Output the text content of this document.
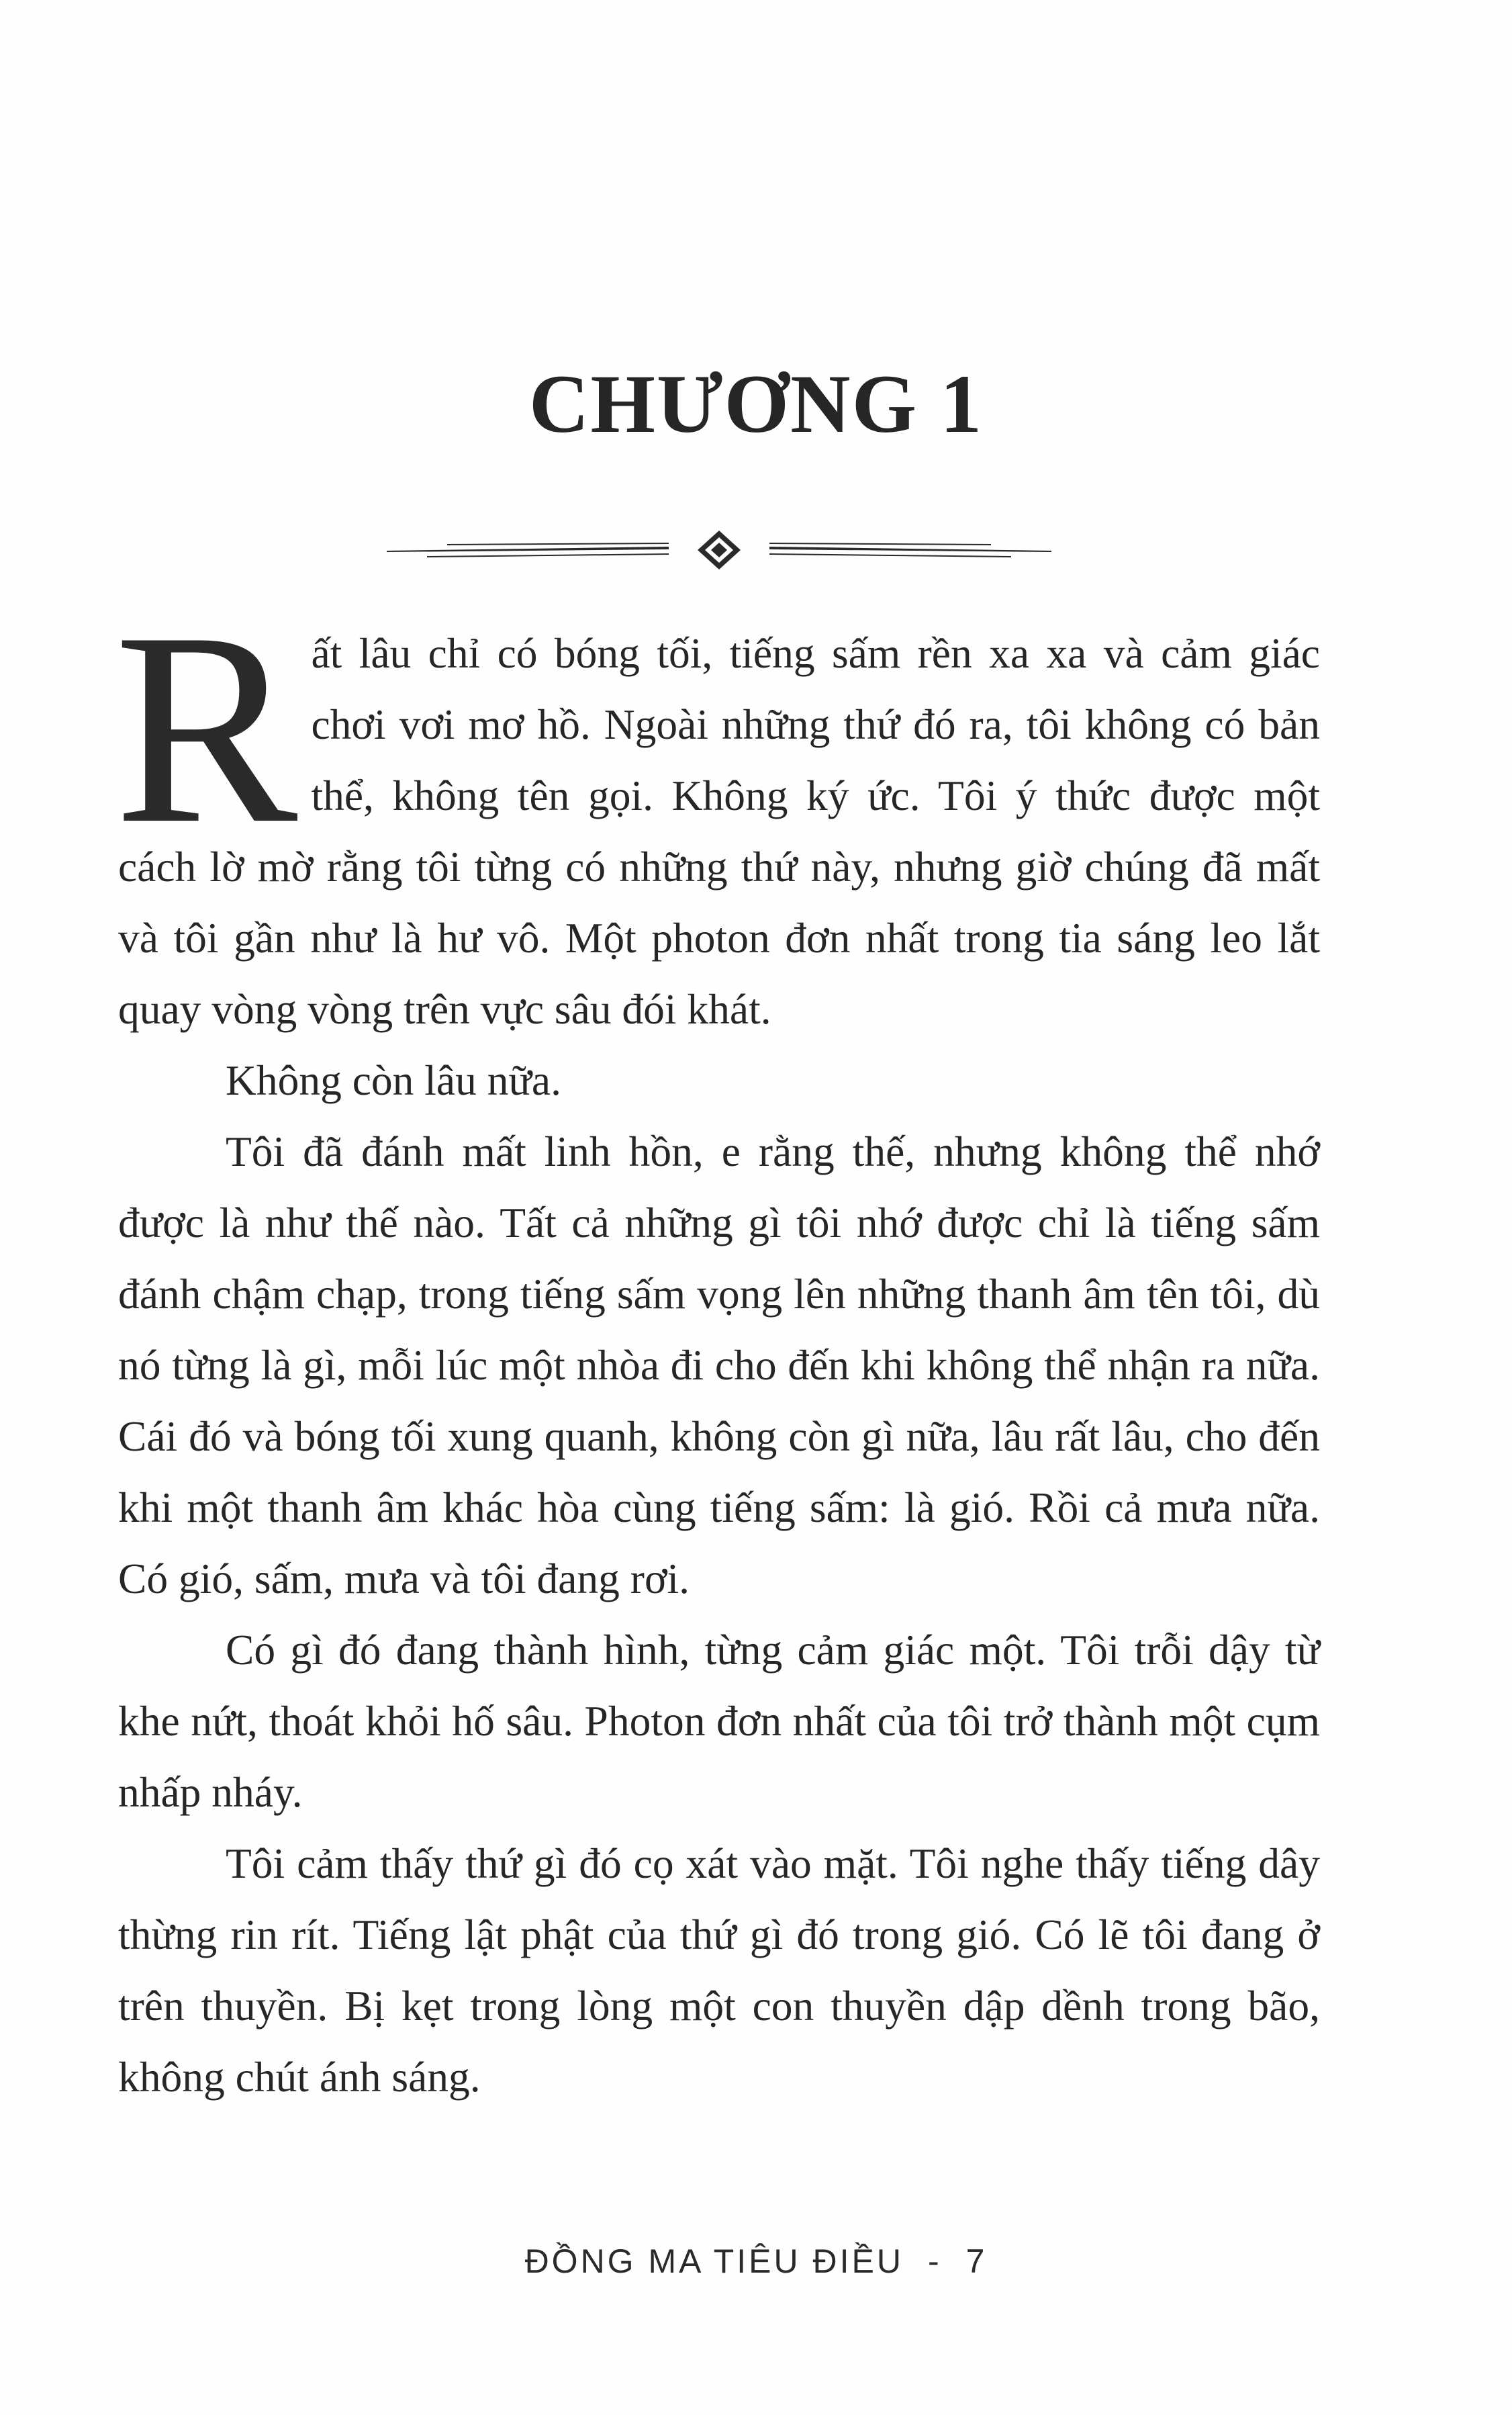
CHƯƠNG 1

Rất lâu chỉ có bóng tối, tiếng sấm rền xa xa và cảm giác chơi vơi mơ hồ. Ngoài những thứ đó ra, tôi không có bản thể, không tên gọi. Không ký ức. Tôi ý thức được một cách lờ mờ rằng tôi từng có những thứ này, nhưng giờ chúng đã mất và tôi gần như là hư vô. Một photon đơn nhất trong tia sáng leo lắt quay vòng vòng trên vực sâu đói khát.

Không còn lâu nữa.

Tôi đã đánh mất linh hồn, e rằng thế, nhưng không thể nhớ được là như thế nào. Tất cả những gì tôi nhớ được chỉ là tiếng sấm đánh chậm chạp, trong tiếng sấm vọng lên những thanh âm tên tôi, dù nó từng là gì, mỗi lúc một nhòa đi cho đến khi không thể nhận ra nữa. Cái đó và bóng tối xung quanh, không còn gì nữa, lâu rất lâu, cho đến khi một thanh âm khác hòa cùng tiếng sấm: là gió. Rồi cả mưa nữa. Có gió, sấm, mưa và tôi đang rơi.

Có gì đó đang thành hình, từng cảm giác một. Tôi trỗi dậy từ khe nứt, thoát khỏi hố sâu. Photon đơn nhất của tôi trở thành một cụm nhấp nháy.

Tôi cảm thấy thứ gì đó cọ xát vào mặt. Tôi nghe thấy tiếng dây thừng rin rít. Tiếng lật phật của thứ gì đó trong gió. Có lẽ tôi đang ở trên thuyền. Bị kẹt trong lòng một con thuyền dập dềnh trong bão, không chút ánh sáng.

ĐỒNG MA TIÊU ĐIỀU - 7
